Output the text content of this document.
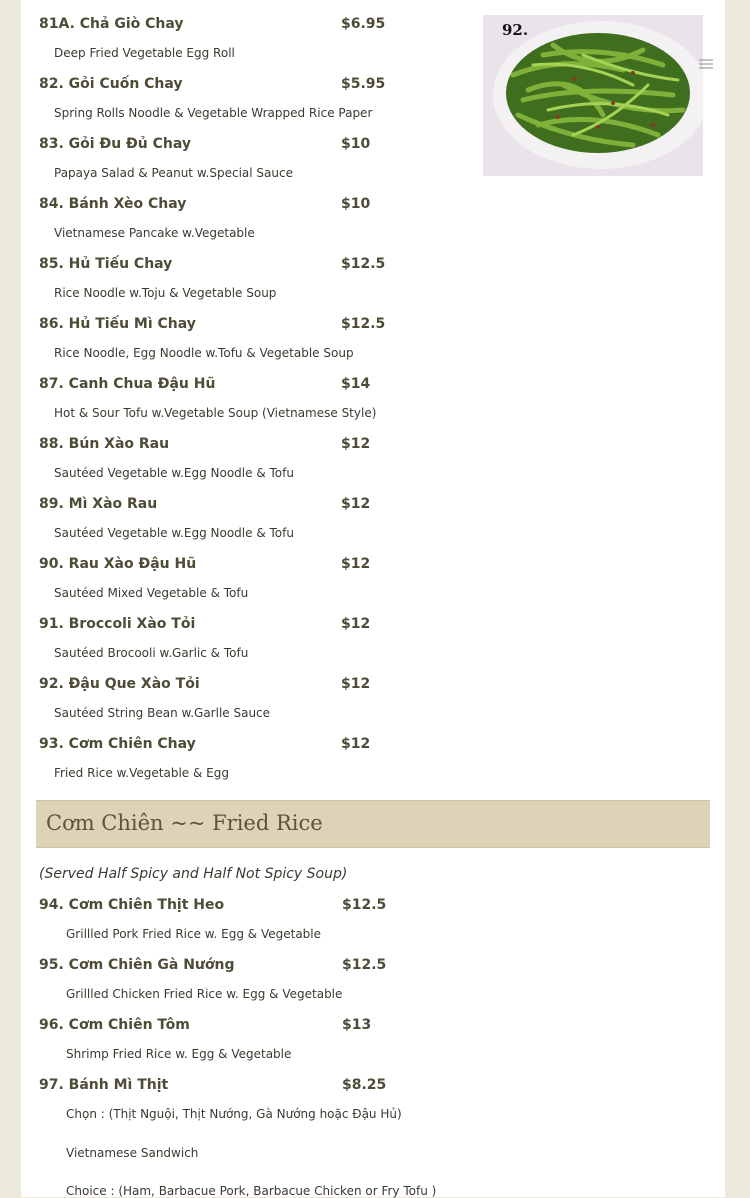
81A. Chả Giò Chay	$6.95
Deep Fried Vegetable Egg Roll
82. Gỏi Cuốn Chay	$5.95
Spring Rolls Noodle & Vegetable Wrapped Rice Paper
83. Gỏi Đu Đủ Chay	$10
Papaya Salad & Peanut w.Special Sauce
84. Bánh Xèo Chay	$10
Vietnamese Pancake w.Vegetable
85. Hủ Tiếu Chay	$12.5
Rice Noodle w.Toju & Vegetable Soup
86. Hủ Tiếu Mì Chay	$12.5
Rice Noodle, Egg Noodle w.Tofu & Vegetable Soup
87. Canh Chua Đậu Hũ	$14
Hot & Sour Tofu w.Vegetable Soup (Vietnamese Style)
88. Bún Xào Rau	$12
Sautéed Vegetable w.Egg Noodle & Tofu
89. Mì Xào Rau	$12
Sautéed Vegetable w.Egg Noodle & Tofu
90. Rau Xào Đậu Hũ	$12
Sautéed Mixed Vegetable & Tofu
91. Broccoli Xào Tỏi	$12
Sautéed Brocooli w.Garlic & Tofu
92. Đậu Que Xào Tỏi	$12
Sautéed String Bean w.Garlle Sauce
93. Cơm Chiên Chay	$12
Fried Rice w.Vegetable & Egg
92.
Cơm Chiên ~~ Fried Rice
(Served Half Spicy and Half Not Spicy Soup)
94. Cơm Chiên Thịt Heo	$12.5
Grillled Pork Fried Rice w. Egg & Vegetable
95. Cơm Chiên Gà Nướng	$12.5
Grillled Chicken Fried Rice w. Egg & Vegetable
96. Cơm Chiên Tôm	$13
Shrimp Fried Rice w. Egg & Vegetable
97. Bánh Mì Thịt	$8.25
Chọn : (Thịt Nguội, Thịt Nướng, Gà Nướng hoặc Đậu Hủ)
Vietnamese Sandwich
Choice : (Ham, Barbacue Pork, Barbacue Chicken or Fry Tofu )
